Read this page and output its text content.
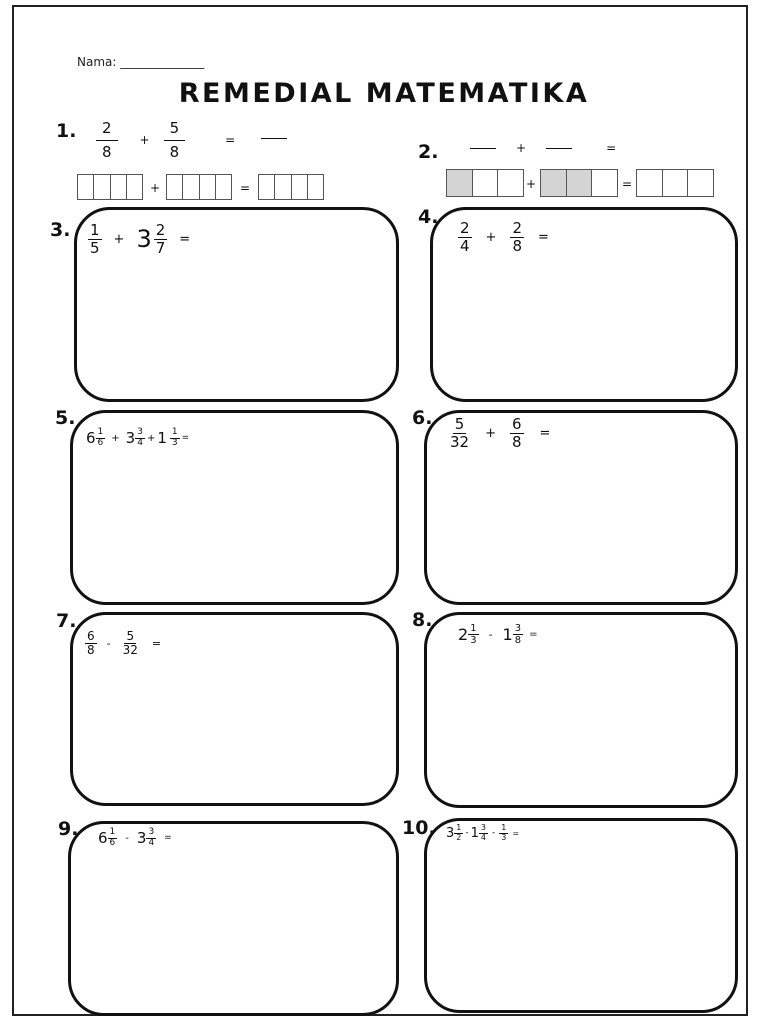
Nama: ______________
REMEDIAL MATEMATIKA
1. $\frac{2}{8}$	+ $\frac{5}{8}$	=
+	=
2.	+	=
+	=
3. $\frac{1}{5} + 3 \frac{2}{7}$ =
4.
$\frac{2}{4}$	+ $\frac{2}{8}$	=
5.
$6 \frac{1}{6} + 3 \frac{3}{4} + 1 \frac{1}{3}$ =
6. $\frac{5}{32}$	+ $\frac{6}{8}$	=
7.
$\frac{6}{8} - \frac{5}{32}$	=
8.
$2 \frac{1}{3} - 1 \frac{3}{8}$ =
9. $6 \frac{1}{6} - 3 \frac{3}{4}$ =	10. $3 \frac{1}{2} - 1 \frac{3}{4} - \frac{1}{3}$ =
